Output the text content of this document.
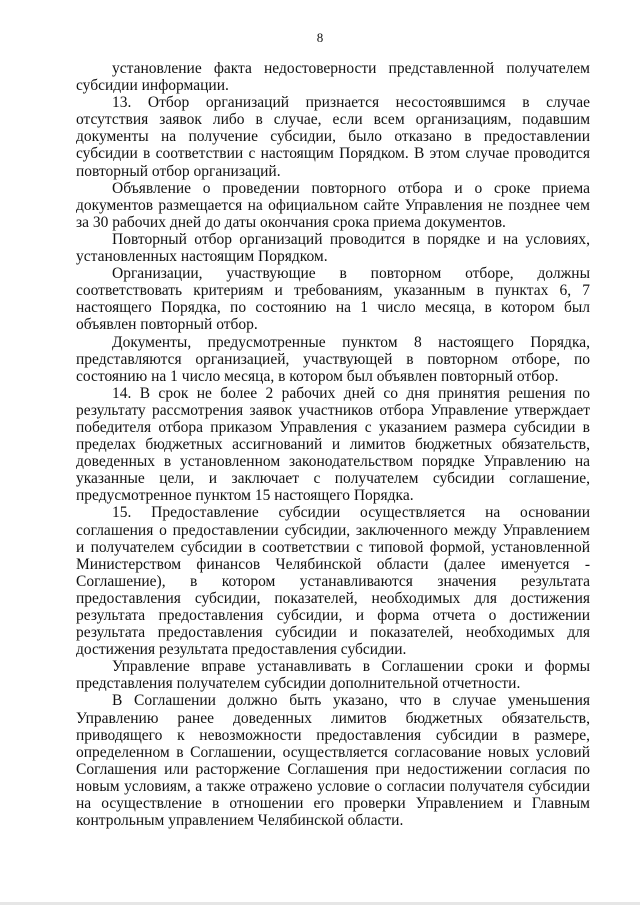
8

установление факта недостоверности представленной получателем субсидии информации.

13. Отбор организаций признается несостоявшимся в случае отсутствия заявок либо в случае, если всем организациям, подавшим документы на получение субсидии, было отказано в предоставлении субсидии в соответствии с настоящим Порядком. В этом случае проводится повторный отбор организаций.

Объявление о проведении повторного отбора и о сроке приема документов размещается на официальном сайте Управления не позднее чем за 30 рабочих дней до даты окончания срока приема документов.

Повторный отбор организаций проводится в порядке и на условиях, установленных настоящим Порядком.

Организации, участвующие в повторном отборе, должны соответствовать критериям и требованиям, указанным в пунктах 6, 7 настоящего Порядка, по состоянию на 1 число месяца, в котором был объявлен повторный отбор.

Документы, предусмотренные пунктом 8 настоящего Порядка, представляются организацией, участвующей в повторном отборе, по состоянию на 1 число месяца, в котором был объявлен повторный отбор.

14. В срок не более 2 рабочих дней со дня принятия решения по результату рассмотрения заявок участников отбора Управление утверждает победителя отбора приказом Управления с указанием размера субсидии в пределах бюджетных ассигнований и лимитов бюджетных обязательств, доведенных в установленном законодательством порядке Управлению на указанные цели, и заключает с получателем субсидии соглашение, предусмотренное пунктом 15 настоящего Порядка.

15. Предоставление субсидии осуществляется на основании соглашения о предоставлении субсидии, заключенного между Управлением и получателем субсидии в соответствии с типовой формой, установленной Министерством финансов Челябинской области (далее именуется - Соглашение), в котором устанавливаются значения результата предоставления субсидии, показателей, необходимых для достижения результата предоставления субсидии, и форма отчета о достижении результата предоставления субсидии и показателей, необходимых для достижения результата предоставления субсидии.

Управление вправе устанавливать в Соглашении сроки и формы представления получателем субсидии дополнительной отчетности.

В Соглашении должно быть указано, что в случае уменьшения Управлению ранее доведенных лимитов бюджетных обязательств, приводящего к невозможности предоставления субсидии в размере, определенном в Соглашении, осуществляется согласование новых условий Соглашения или расторжение Соглашения при недостижении согласия по новым условиям, а также отражено условие о согласии получателя субсидии на осуществление в отношении его проверки Управлением и Главным контрольным управлением Челябинской области.
